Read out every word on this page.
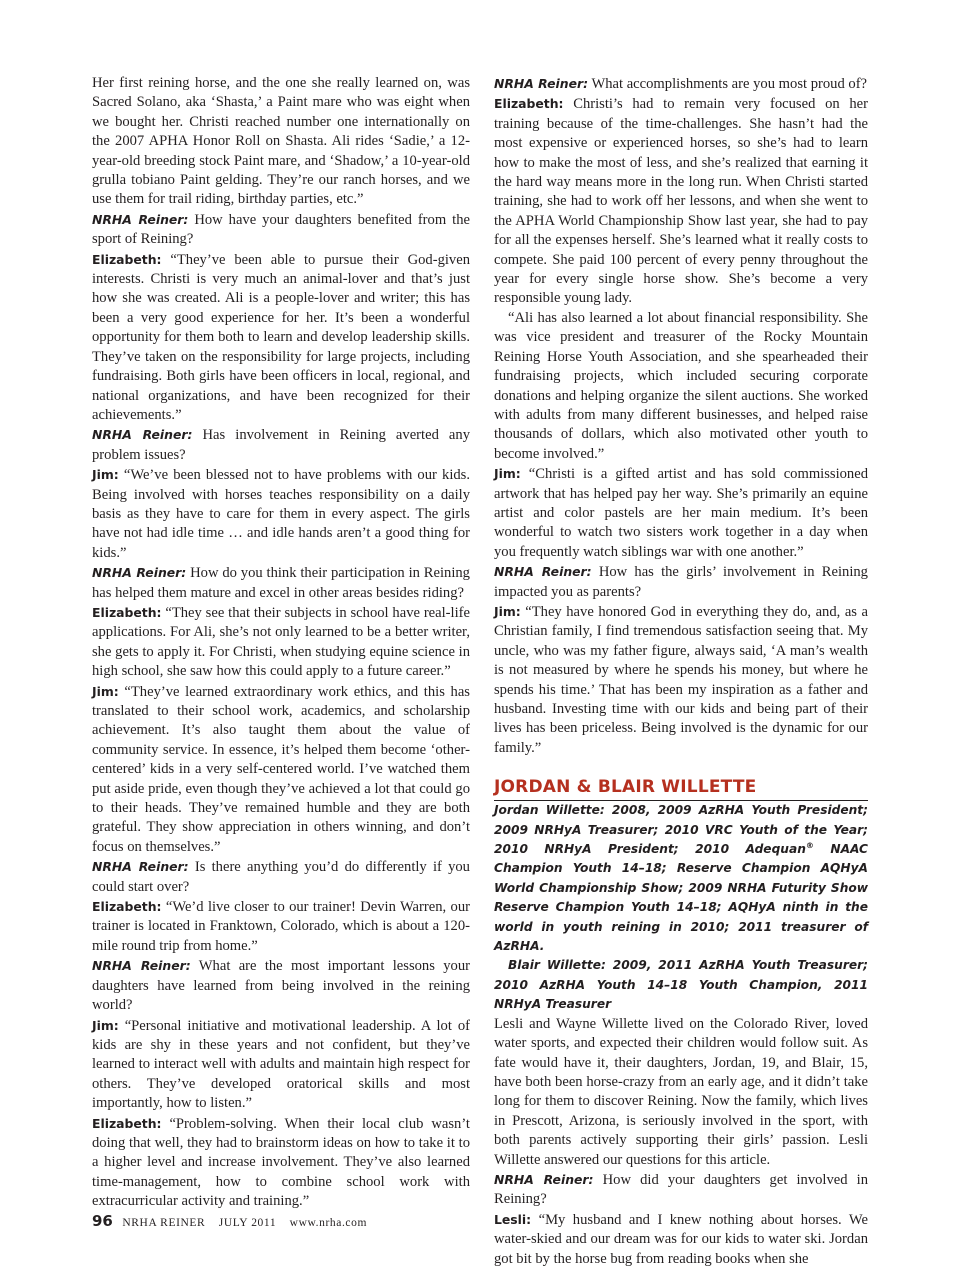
Her first reining horse, and the one she really learned on, was Sacred Solano, aka ‘Shasta,’ a Paint mare who was eight when we bought her. Christi reached number one internationally on the 2007 APHA Honor Roll on Shasta. Ali rides ‘Sadie,’ a 12-year-old breeding stock Paint mare, and ‘Shadow,’ a 10-year-old grulla tobiano Paint gelding. They’re our ranch horses, and we use them for trail riding, birthday parties, etc.”

NRHA Reiner: How have your daughters benefited from the sport of Reining?

Elizabeth: “They’ve been able to pursue their God-given interests. Christi is very much an animal-lover and that’s just how she was created. Ali is a people-lover and writer; this has been a very good experience for her. It’s been a wonderful opportunity for them both to learn and develop leadership skills. They’ve taken on the responsibility for large projects, including fundraising. Both girls have been officers in local, regional, and national organizations, and have been recognized for their achievements.”

NRHA Reiner: Has involvement in Reining averted any problem issues?

Jim: “We’ve been blessed not to have problems with our kids. Being involved with horses teaches responsibility on a daily basis as they have to care for them in every aspect. The girls have not had idle time … and idle hands aren’t a good thing for kids.”

NRHA Reiner: How do you think their participation in Reining has helped them mature and excel in other areas besides riding?

Elizabeth: “They see that their subjects in school have real-life applications. For Ali, she’s not only learned to be a better writer, she gets to apply it. For Christi, when studying equine science in high school, she saw how this could apply to a future career.”

Jim: “They’ve learned extraordinary work ethics, and this has translated to their school work, academics, and scholarship achievement. It’s also taught them about the value of community service. In essence, it’s helped them become ‘other-centered’ kids in a very self-centered world. I’ve watched them put aside pride, even though they’ve achieved a lot that could go to their heads. They’ve remained humble and they are both grateful. They show appreciation in others winning, and don’t focus on themselves.”

NRHA Reiner: Is there anything you’d do differently if you could start over?

Elizabeth: “We’d live closer to our trainer! Devin Warren, our trainer is located in Franktown, Colorado, which is about a 120-mile round trip from home.”

NRHA Reiner: What are the most important lessons your daughters have learned from being involved in the reining world?

Jim: “Personal initiative and motivational leadership. A lot of kids are shy in these years and not confident, but they’ve learned to interact well with adults and maintain high respect for others. They’ve developed oratorical skills and most importantly, how to listen.”

Elizabeth: “Problem-solving. When their local club wasn’t doing that well, they had to brainstorm ideas on how to take it to a higher level and increase involvement. They’ve also learned time-management, how to combine school work with extracurricular activity and training.”

NRHA Reiner: What accomplishments are you most proud of?

Elizabeth: Christi’s had to remain very focused on her training because of the time-challenges. She hasn’t had the most expensive or experienced horses, so she’s had to learn how to make the most of less, and she’s realized that earning it the hard way means more in the long run. When Christi started training, she had to work off her lessons, and when she went to the APHA World Championship Show last year, she had to pay for all the expenses herself. She’s learned what it really costs to compete. She paid 100 percent of every penny throughout the year for every single horse show. She’s become a very responsible young lady.

“Ali has also learned a lot about financial responsibility. She was vice president and treasurer of the Rocky Mountain Reining Horse Youth Association, and she spearheaded their fundraising projects, which included securing corporate donations and helping organize the silent auctions. She worked with adults from many different businesses, and helped raise thousands of dollars, which also motivated other youth to become involved.”

Jim: “Christi is a gifted artist and has sold commissioned artwork that has helped pay her way. She’s primarily an equine artist and color pastels are her main medium. It’s been wonderful to watch two sisters work together in a day when you frequently watch siblings war with one another.”

NRHA Reiner: How has the girls’ involvement in Reining impacted you as parents?

Jim: “They have honored God in everything they do, and, as a Christian family, I find tremendous satisfaction seeing that. My uncle, who was my father figure, always said, ‘A man’s wealth is not measured by where he spends his money, but where he spends his time.’ That has been my inspiration as a father and husband. Investing time with our kids and being part of their lives has been priceless. Being involved is the dynamic for our family.”

JORDAN & BLAIR WILLETTE

Jordan Willette: 2008, 2009 AzRHA Youth President; 2009 NRHyA Treasurer; 2010 VRC Youth of the Year; 2010 NRHyA President; 2010 Adequan® NAAC Champion Youth 14–18; Reserve Champion AQHyA World Championship Show; 2009 NRHA Futurity Show Reserve Champion Youth 14–18; AQHyA ninth in the world in youth reining in 2010; 2011 treasurer of AzRHA.

Blair Willette: 2009, 2011 AzRHA Youth Treasurer; 2010 AzRHA Youth 14–18 Youth Champion, 2011 NRHyA Treasurer

Lesli and Wayne Willette lived on the Colorado River, loved water sports, and expected their children would follow suit. As fate would have it, their daughters, Jordan, 19, and Blair, 15, have both been horse-crazy from an early age, and it didn’t take long for them to discover Reining. Now the family, which lives in Prescott, Arizona, is seriously involved in the sport, with both parents actively supporting their girls’ passion. Lesli Willette answered our questions for this article.

NRHA Reiner: How did your daughters get involved in Reining?

Lesli: “My husband and I knew nothing about horses. We water-skied and our dream was for our kids to water ski. Jordan got bit by the horse bug from reading books when she

96 NRHA REINER JULY 2011 www.nrha.com
